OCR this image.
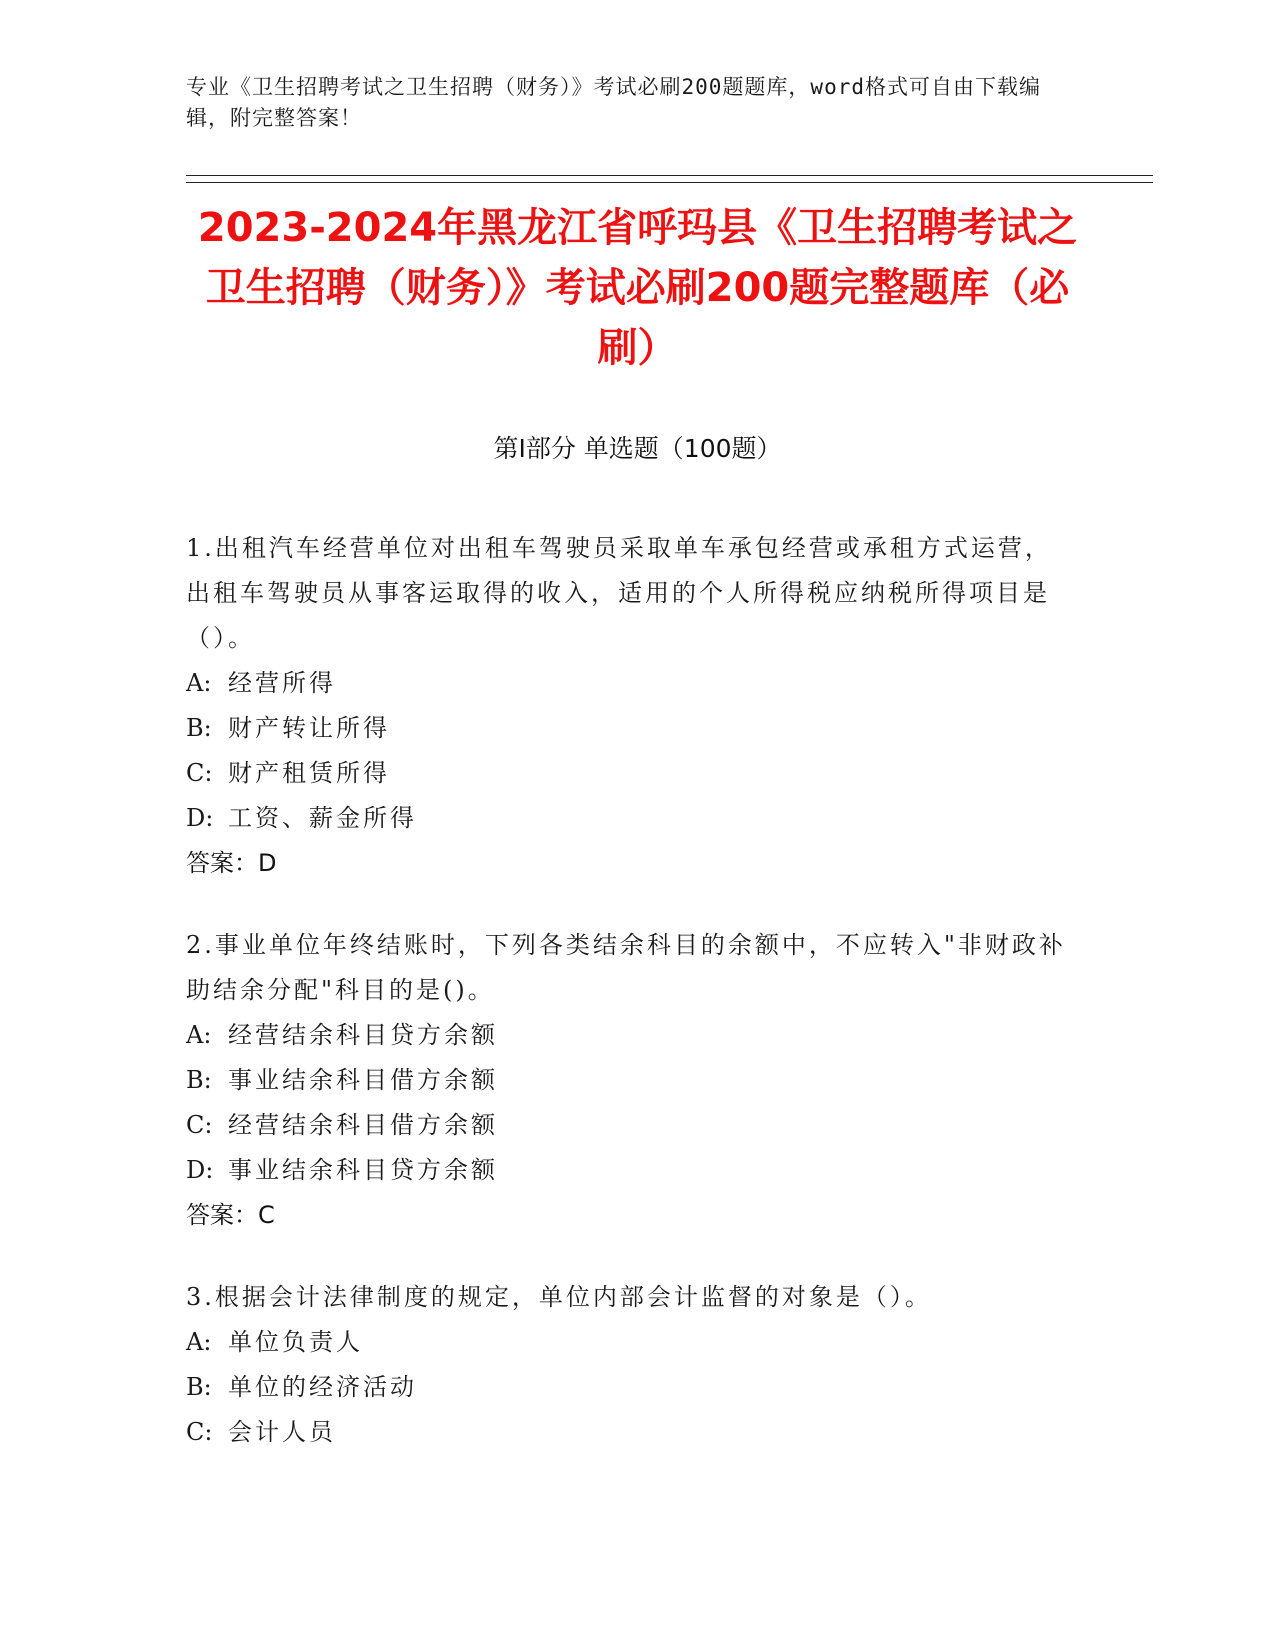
专业《卫生招聘考试之卫生招聘（财务）》考试必刷200题题库，word格式可自由下载编辑，附完整答案！
2023-2024年黑龙江省呼玛县《卫生招聘考试之卫生招聘（财务）》考试必刷200题完整题库（必刷）
第I部分 单选题（100题）

1.出租汽车经营单位对出租车驾驶员采取单车承包经营或承租方式运营，出租车驾驶员从事客运取得的收入，适用的个人所得税应纳税所得项目是（）。

A: 经营所得

B: 财产转让所得

C: 财产租赁所得

D: 工资、薪金所得

答案：D

2.事业单位年终结账时，下列各类结余科目的余额中，不应转入"非财政补助结余分配"科目的是()。

A: 经营结余科目贷方余额

B: 事业结余科目借方余额

C: 经营结余科目借方余额

D: 事业结余科目贷方余额

答案：C

3.根据会计法律制度的规定，单位内部会计监督的对象是（）。

A: 单位负责人

B: 单位的经济活动

C: 会计人员
